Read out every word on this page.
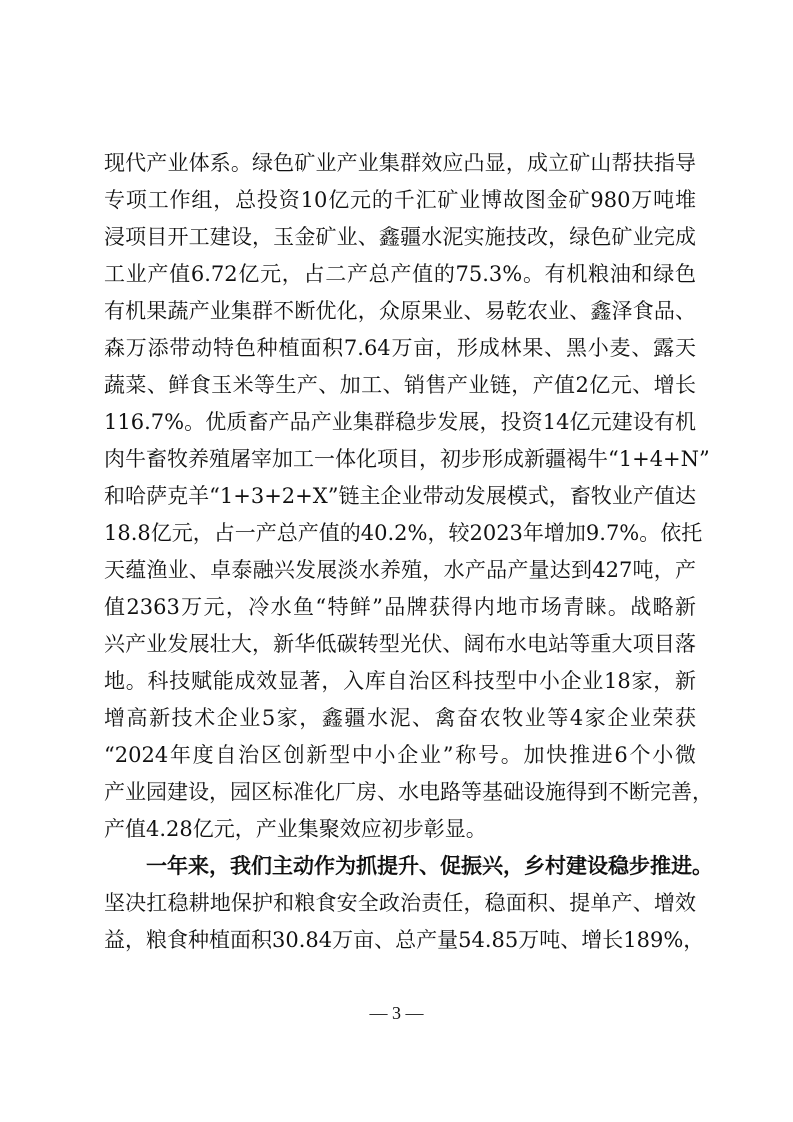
现代产业体系。绿色矿业产业集群效应凸显，成立矿山帮扶指导
专项工作组，总投资10亿元的千汇矿业博故图金矿980万吨堆
浸项目开工建设，玉金矿业、鑫疆水泥实施技改，绿色矿业完成
工业产值6.72亿元，占二产总产值的75.3%。有机粮油和绿色
有机果蔬产业集群不断优化，众原果业、易乾农业、鑫泽食品、
森万添带动特色种植面积7.64万亩，形成林果、黑小麦、露天
蔬菜、鲜食玉米等生产、加工、销售产业链，产值2亿元、增长
116.7%。优质畜产品产业集群稳步发展，投资14亿元建设有机
肉牛畜牧养殖屠宰加工一体化项目，初步形成新疆褐牛“1+4+N”
和哈萨克羊“1+3+2+X”链主企业带动发展模式，畜牧业产值达
18.8亿元，占一产总产值的40.2%，较2023年增加9.7%。依托
天蕴渔业、卓泰融兴发展淡水养殖，水产品产量达到427吨，产
值2363万元，冷水鱼“特鲜”品牌获得内地市场青睐。战略新
兴产业发展壮大，新华低碳转型光伏、阔布水电站等重大项目落
地。科技赋能成效显著，入库自治区科技型中小企业18家，新
增高新技术企业5家，鑫疆水泥、禽奋农牧业等4家企业荣获
“2024年度自治区创新型中小企业”称号。加快推进6个小微
产业园建设，园区标准化厂房、水电路等基础设施得到不断完善，
产值4.28亿元，产业集聚效应初步彰显。
一年来，我们主动作为抓提升、促振兴，乡村建设稳步推进。
坚决扛稳耕地保护和粮食安全政治责任，稳面积、提单产、增效
益，粮食种植面积30.84万亩、总产量54.85万吨、增长189%，
— 3 —
